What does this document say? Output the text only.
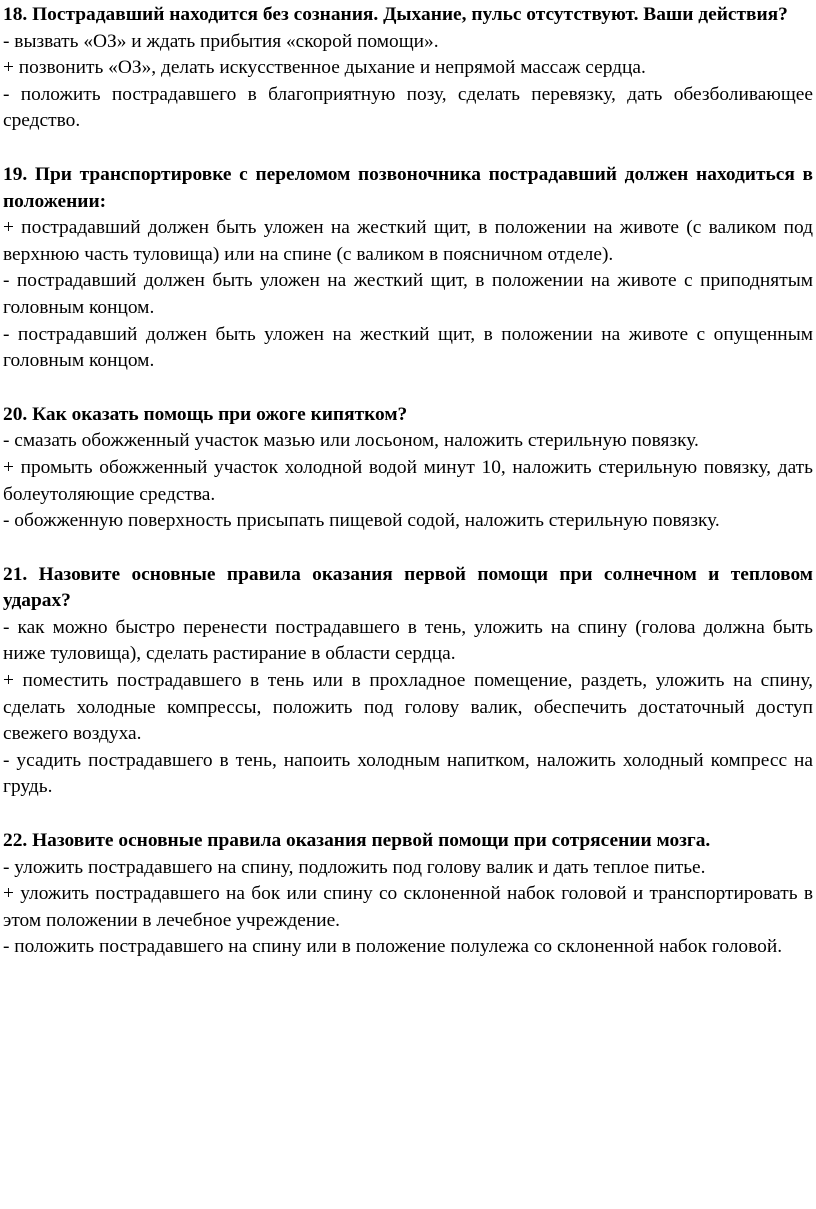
18. Пострадавший находится без сознания. Дыхание, пульс отсутствуют. Ваши действия?

- вызвать «ОЗ» и ждать прибытия «скорой помощи».

+ позвонить «ОЗ», делать искусственное дыхание и непрямой массаж сердца.

- положить пострадавшего в благоприятную позу, сделать перевязку, дать обезболивающее средство.

19. При транспортировке с переломом позвоночника пострадавший должен находиться в положении:

+ пострадавший должен быть уложен на жесткий щит, в положении на животе (с валиком под верхнюю часть туловища) или на спине (с валиком в поясничном отделе).

- пострадавший должен быть уложен на жесткий щит, в положении на животе с приподнятым головным концом.

- пострадавший должен быть уложен на жесткий щит, в положении на животе с опущенным головным концом.

20. Как оказать помощь при ожоге кипятком?

- смазать обожженный участок мазью или лосьоном, наложить стерильную повязку.

+ промыть обожженный участок холодной водой минут 10, наложить стерильную повязку, дать болеутоляющие средства.

- обожженную поверхность присыпать пищевой содой, наложить стерильную повязку.

21. Назовите основные правила оказания первой помощи при солнечном и тепловом ударах?

- как можно быстро перенести пострадавшего в тень, уложить на спину (голова должна быть ниже туловища), сделать растирание в области сердца.

+ поместить пострадавшего в тень или в прохладное помещение, раздеть, уложить на спину, сделать холодные компрессы, положить под голову валик, обеспечить достаточный доступ свежего воздуха.

- усадить пострадавшего в тень, напоить холодным напитком, наложить холодный компресс на грудь.

22. Назовите основные правила оказания первой помощи при сотрясении мозга.

- уложить пострадавшего на спину, подложить под голову валик и дать теплое питье.

+ уложить пострадавшего на бок или спину со склоненной набок головой и транспортировать в этом положении в лечебное учреждение.

- положить пострадавшего на спину или в положение полулежа со склоненной набок головой.
